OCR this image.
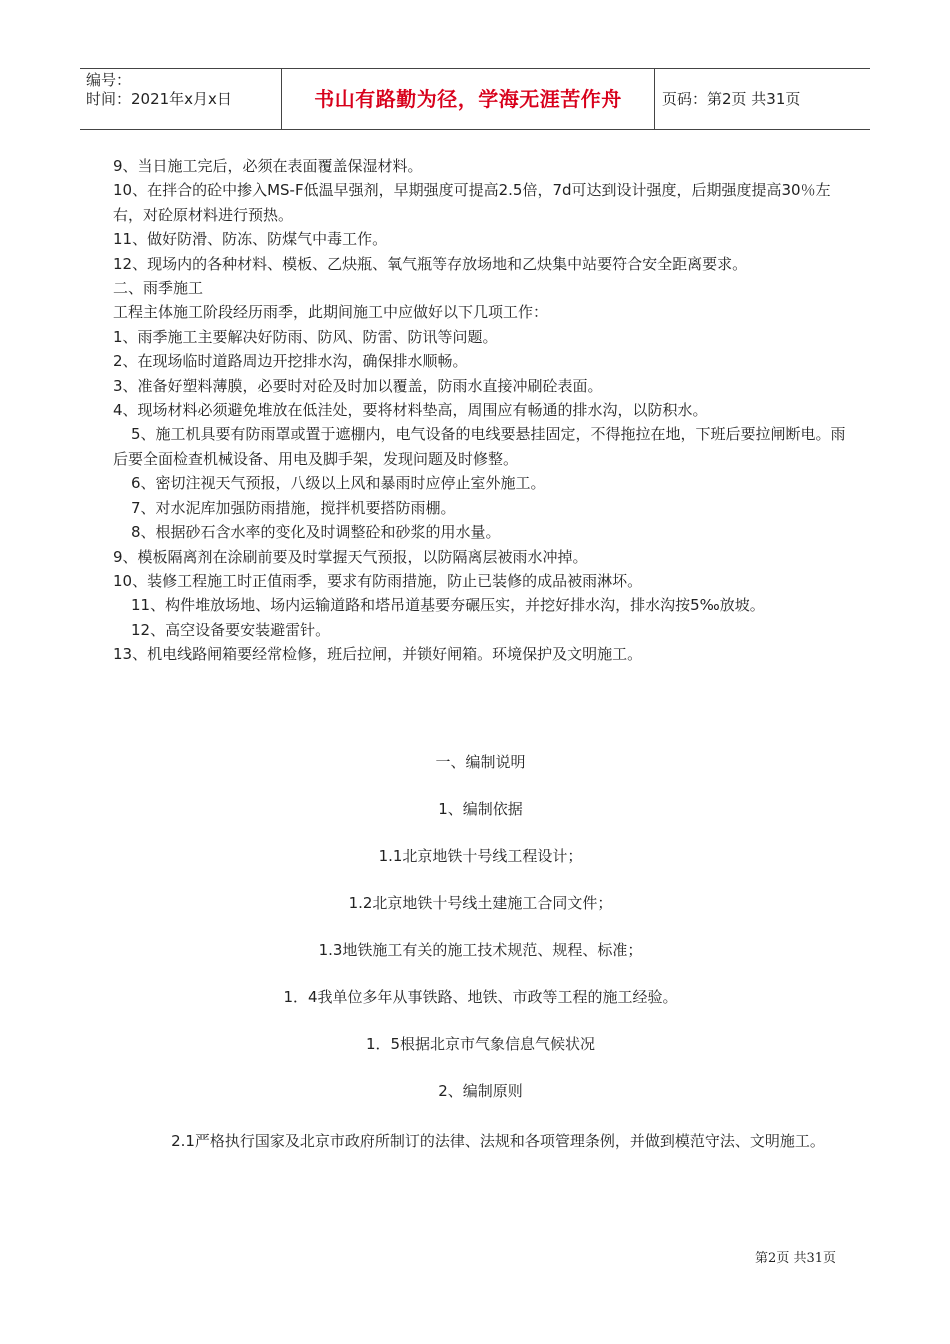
编号：
时间：2021年x月x日	书山有路勤为径，学海无涯苦作舟	页码：第2页 共31页

9、当日施工完后，必须在表面覆盖保湿材料。

10、在拌合的砼中掺入MS-F低温早强剂，早期强度可提高2.5倍，7d可达到设计强度，后期强度提高30％左右，对砼原材料进行预热。

11、做好防滑、防冻、防煤气中毒工作。

12、现场内的各种材料、模板、乙炔瓶、氧气瓶等存放场地和乙炔集中站要符合安全距离要求。

二、雨季施工

工程主体施工阶段经历雨季，此期间施工中应做好以下几项工作：

1、雨季施工主要解决好防雨、防风、防雷、防讯等问题。

2、在现场临时道路周边开挖排水沟，确保排水顺畅。

3、准备好塑料薄膜，必要时对砼及时加以覆盖，防雨水直接冲刷砼表面。

4、现场材料必须避免堆放在低洼处，要将材料垫高，周围应有畅通的排水沟，以防积水。

5、施工机具要有防雨罩或置于遮棚内，电气设备的电线要悬挂固定，不得拖拉在地，下班后要拉闸断电。雨后要全面检查机械设备、用电及脚手架，发现问题及时修整。

6、密切注视天气预报，八级以上风和暴雨时应停止室外施工。

7、对水泥库加强防雨措施，搅拌机要搭防雨棚。

8、根据砂石含水率的变化及时调整砼和砂浆的用水量。

9、模板隔离剂在涂刷前要及时掌握天气预报，以防隔离层被雨水冲掉。

10、装修工程施工时正值雨季，要求有防雨措施，防止已装修的成品被雨淋坏。

11、构件堆放场地、场内运输道路和塔吊道基要夯碾压实，并挖好排水沟，排水沟按5‰放坡。

12、高空设备要安装避雷针。

13、机电线路闸箱要经常检修，班后拉闸，并锁好闸箱。环境保护及文明施工。

一、编制说明

1、编制依据

1.1北京地铁十号线工程设计；

1.2北京地铁十号线土建施工合同文件；

1.3地铁施工有关的施工技术规范、规程、标准；

1．4我单位多年从事铁路、地铁、市政等工程的施工经验。

1．5根据北京市气象信息气候状况

2、编制原则

2.1严格执行国家及北京市政府所制订的法律、法规和各项管理条例，并做到模范守法、文明施工。
第2页 共31页
